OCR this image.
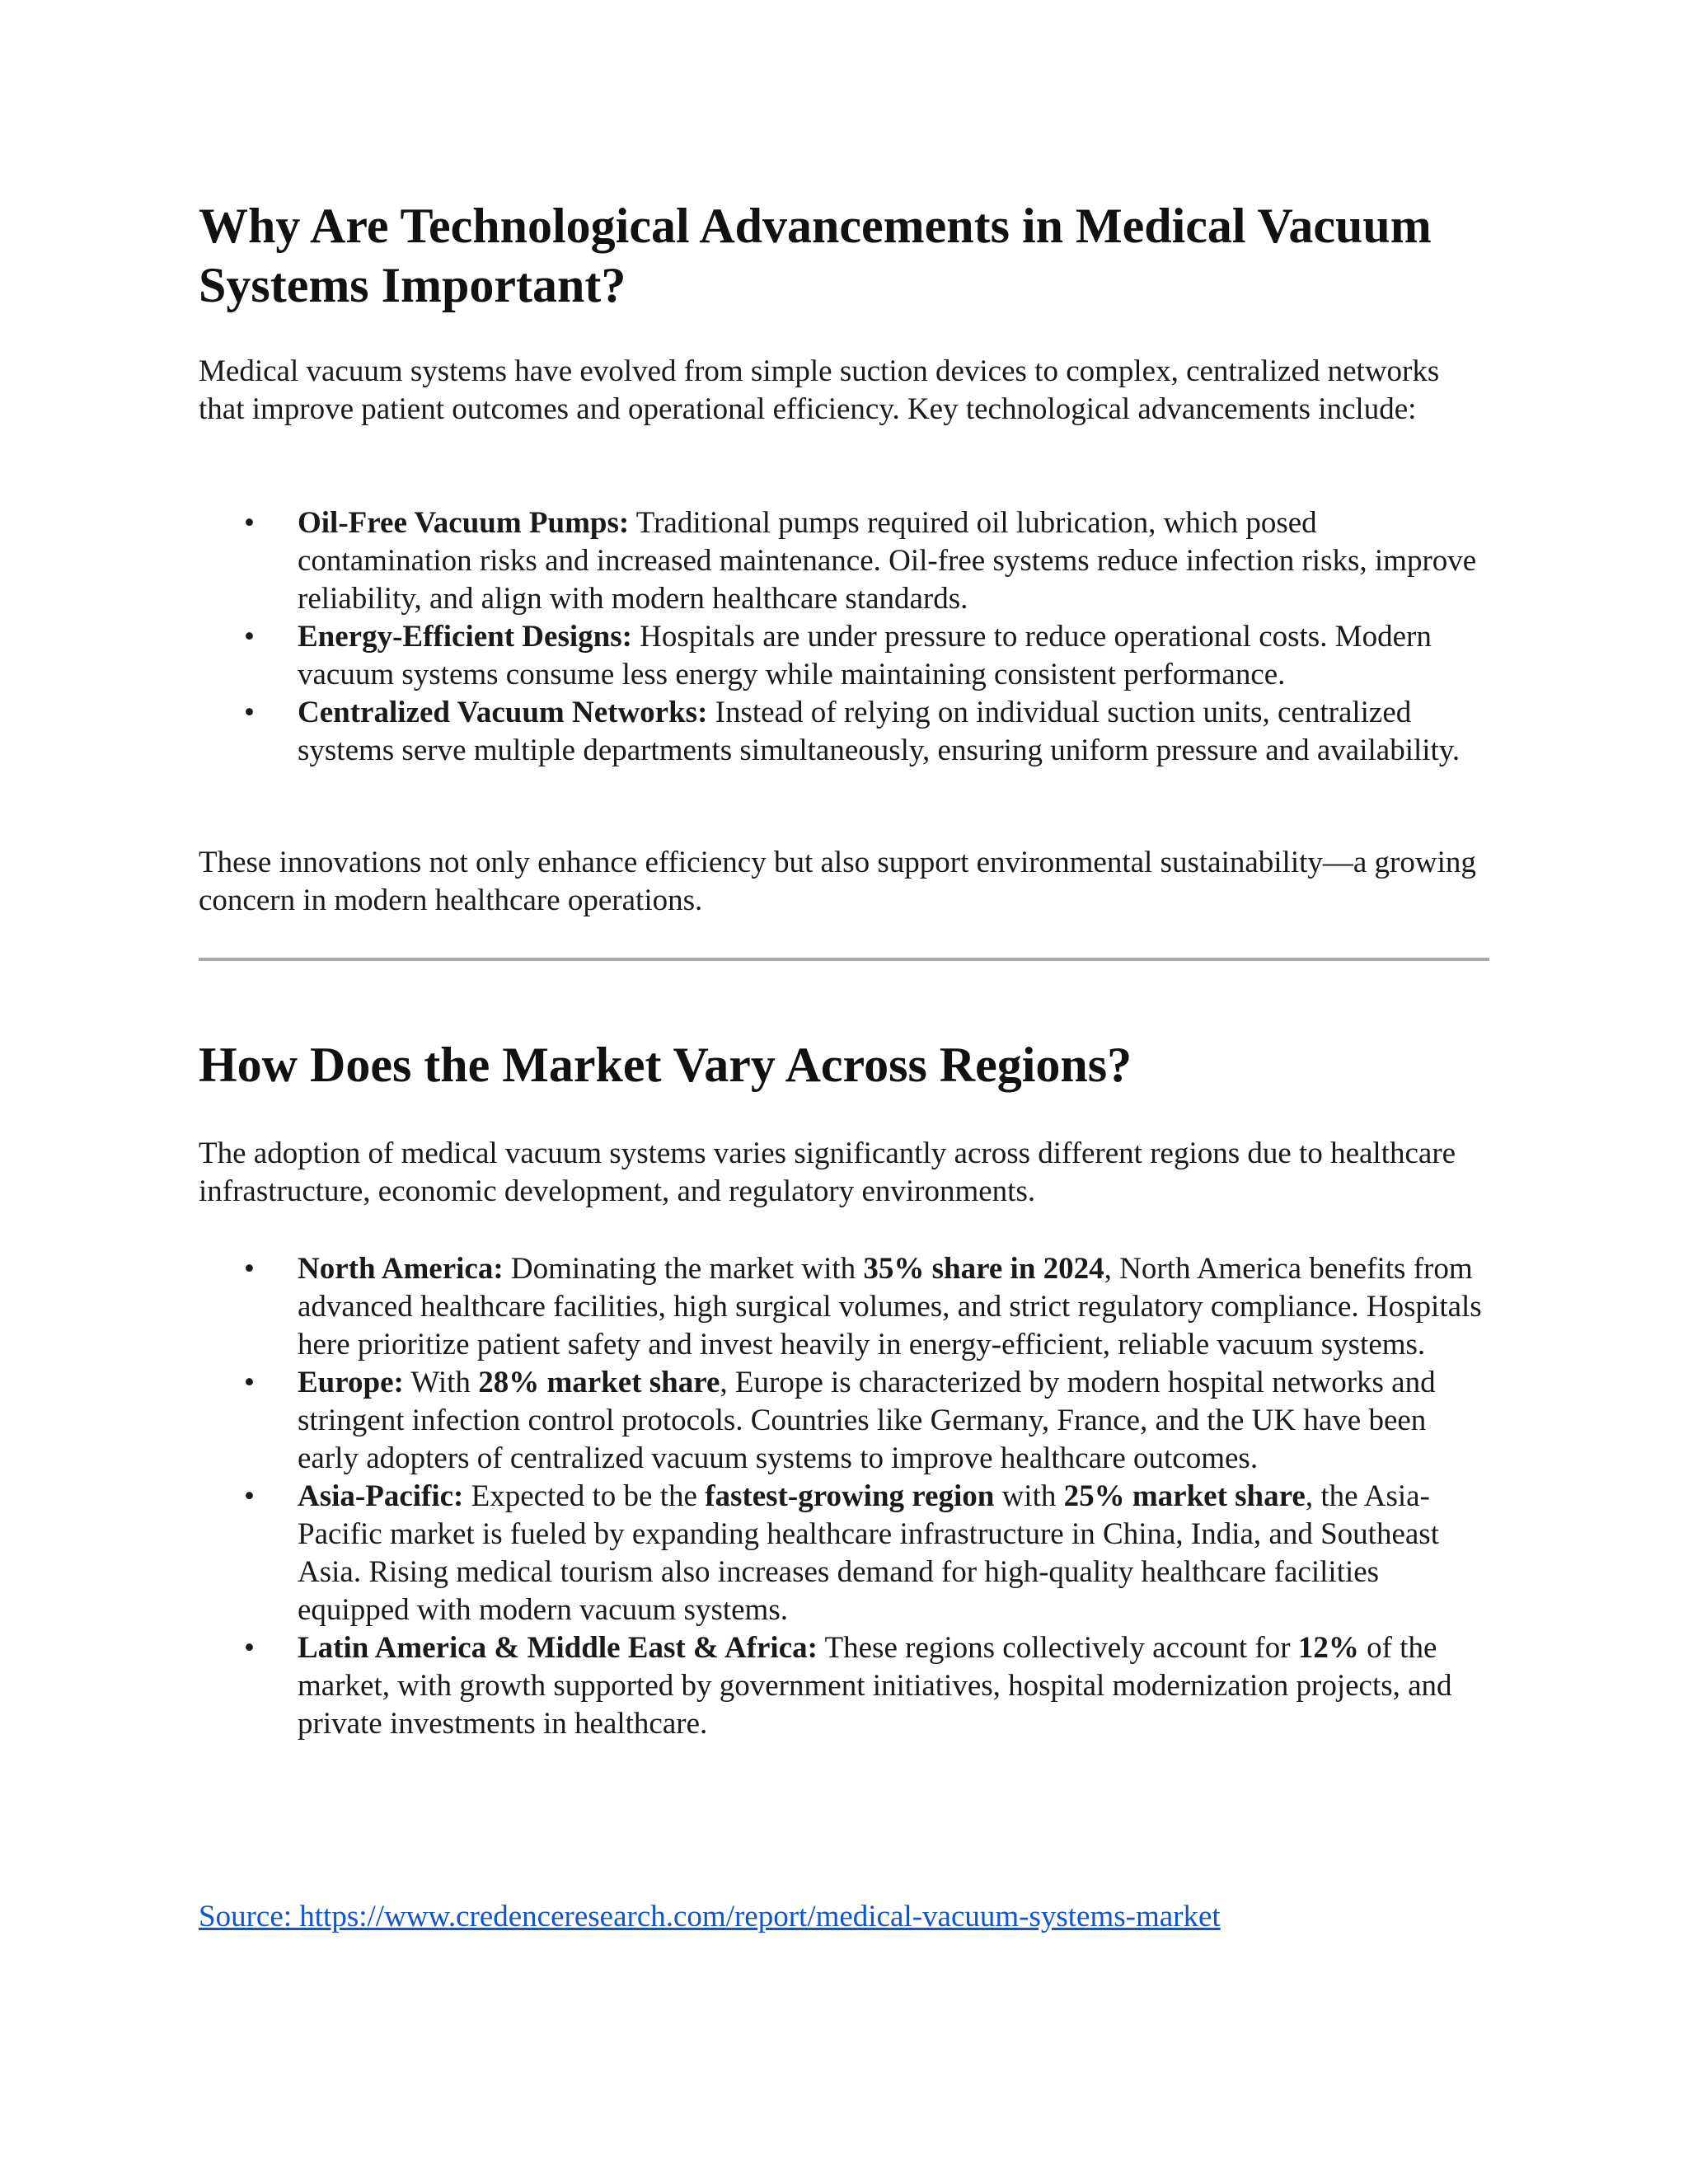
Why Are Technological Advancements in Medical Vacuum Systems Important?

Medical vacuum systems have evolved from simple suction devices to complex, centralized networks that improve patient outcomes and operational efficiency. Key technological advancements include:

• Oil-Free Vacuum Pumps: Traditional pumps required oil lubrication, which posed contamination risks and increased maintenance. Oil-free systems reduce infection risks, improve reliability, and align with modern healthcare standards.
• Energy-Efficient Designs: Hospitals are under pressure to reduce operational costs. Modern vacuum systems consume less energy while maintaining consistent performance.
• Centralized Vacuum Networks: Instead of relying on individual suction units, centralized systems serve multiple departments simultaneously, ensuring uniform pressure and availability.

These innovations not only enhance efficiency but also support environmental sustainability—a growing concern in modern healthcare operations.

How Does the Market Vary Across Regions?

The adoption of medical vacuum systems varies significantly across different regions due to healthcare infrastructure, economic development, and regulatory environments.

• North America: Dominating the market with 35% share in 2024, North America benefits from advanced healthcare facilities, high surgical volumes, and strict regulatory compliance. Hospitals here prioritize patient safety and invest heavily in energy-efficient, reliable vacuum systems.
• Europe: With 28% market share, Europe is characterized by modern hospital networks and stringent infection control protocols. Countries like Germany, France, and the UK have been early adopters of centralized vacuum systems to improve healthcare outcomes.
• Asia-Pacific: Expected to be the fastest-growing region with 25% market share, the Asia-Pacific market is fueled by expanding healthcare infrastructure in China, India, and Southeast Asia. Rising medical tourism also increases demand for high-quality healthcare facilities equipped with modern vacuum systems.
• Latin America & Middle East & Africa: These regions collectively account for 12% of the market, with growth supported by government initiatives, hospital modernization projects, and private investments in healthcare.
Source: https://www.credenceresearch.com/report/medical-vacuum-systems-market
